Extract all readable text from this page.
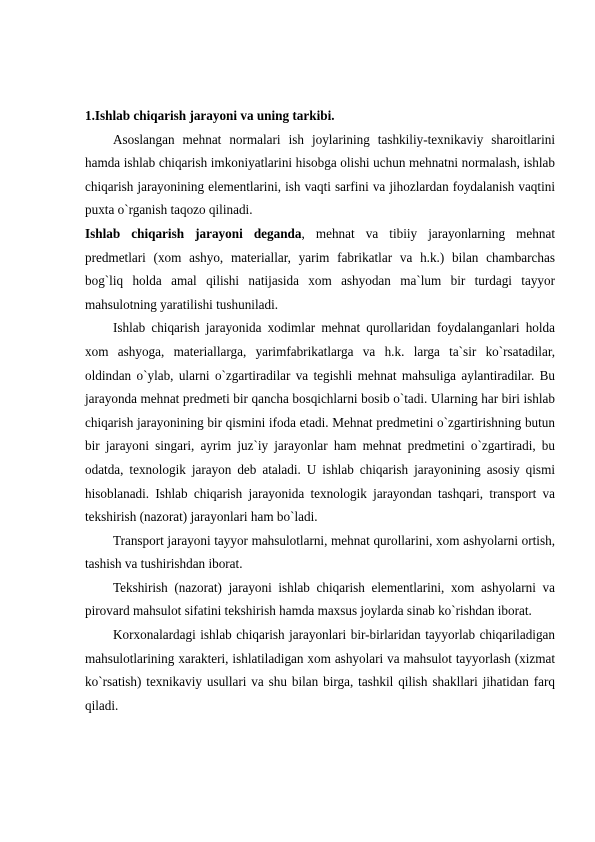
1.Ishlab chiqarish jarayoni va uning tarkibi.

Asoslangan mehnat normalari ish joylarining tashkiliy-texnikaviy sharoitlarini hamda ishlab chiqarish imkoniyatlarini hisobga olishi uchun mehnatni normalash, ishlab chiqarish jarayonining elementlarini, ish vaqti sarfini va jihozlardan foydalanish vaqtini puxta o`rganish taqozo qilinadi.

Ishlab chiqarish jarayoni deganda, mehnat va tibiiy jarayonlarning mehnat predmetlari (xom ashyo, materiallar, yarim fabrikatlar va h.k.) bilan chambarchas bog`liq holda amal qilishi natijasida xom ashyodan ma`lum bir turdagi tayyor mahsulotning yaratilishi tushuniladi.

Ishlab chiqarish jarayonida xodimlar mehnat qurollaridan foydalanganlari holda xom ashyoga, materiallarga, yarimfabrikatlarga va h.k. larga ta`sir ko`rsatadilar, oldindan o`ylab, ularni o`zgartiradilar va tegishli mehnat mahsuliga aylantiradilar. Bu jarayonda mehnat predmeti bir qancha bosqichlarni bosib o`tadi. Ularning har biri ishlab chiqarish jarayonining bir qismini ifoda etadi. Mehnat predmetini o`zgartirishning butun bir jarayoni singari, ayrim juz`iy jarayonlar ham mehnat predmetini o`zgartiradi, bu odatda, texnologik jarayon deb ataladi. U ishlab chiqarish jarayonining asosiy qismi hisoblanadi. Ishlab chiqarish jarayonida texnologik jarayondan tashqari, transport va tekshirish (nazorat) jarayonlari ham bo`ladi.

Transport jarayoni tayyor mahsulotlarni, mehnat qurollarini, xom ashyolarni ortish, tashish va tushirishdan iborat.

Tekshirish (nazorat) jarayoni ishlab chiqarish elementlarini, xom ashyolarni va pirovard mahsulot sifatini tekshirish hamda maxsus joylarda sinab ko`rishdan iborat.

Korxonalardagi ishlab chiqarish jarayonlari bir-birlaridan tayyorlab chiqariladigan mahsulotlarining xarakteri, ishlatiladigan xom ashyolari va mahsulot tayyorlash (xizmat ko`rsatish) texnikaviy usullari va shu bilan birga, tashkil qilish shakllari jihatidan farq qiladi.
